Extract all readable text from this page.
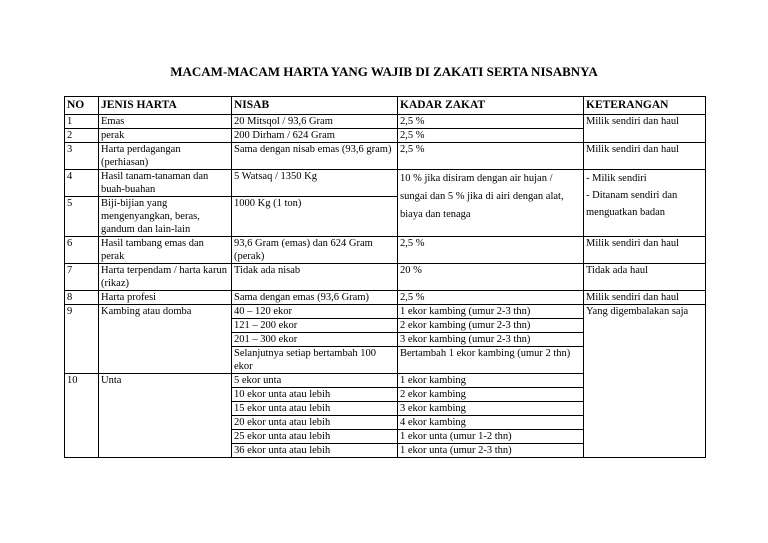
MACAM-MACAM HARTA YANG WAJIB DI ZAKATI SERTA NISABNYA
NO	JENIS HARTA	NISAB	KADAR ZAKAT	KETERANGAN
1	Emas	20 Mitsqol / 93,6 Gram	2,5 %	Milik sendiri dan haul
2	perak	200 Dirham / 624 Gram	2,5 %	
3	Harta perdagangan (perhiasan)	Sama dengan nisab emas (93,6 gram)	2,5 %	Milik sendiri dan haul
4	Hasil tanam-tanaman dan buah-buahan	5 Watsaq / 1350 Kg	10 % jika disiram dengan air hujan / sungai dan 5 % jika di airi dengan alat, biaya dan tenaga	- Milik sendiri
- Ditanam sendiri dan menguatkan badan

5	Biji-bijian yang mengenyangkan, beras, gandum dan lain-lain	1000 Kg (1 ton)		
6	Hasil tambang emas dan perak	93,6 Gram (emas) dan 624 Gram (perak)	2,5 %	Milik sendiri dan haul
7	Harta terpendam / harta karun (rikaz)	Tidak ada nisab	20 %	Tidak ada haul
8	Harta profesi	Sama dengan emas (93,6 Gram)	2,5 %	Milik sendiri dan haul
9	Kambing atau domba	40 – 120 ekor	1 ekor kambing (umur 2-3 thn)	Yang digembalakan saja
		121 – 200 ekor	2 ekor kambing (umur 2-3 thn)	
		201 – 300 ekor	3 ekor kambing (umur 2-3 thn)	
		Selanjutnya setiap bertambah 100 ekor	Bertambah 1 ekor kambing (umur 2 thn)	
10	Unta	5 ekor unta	1 ekor kambing	
		10 ekor unta atau lebih	2 ekor kambing	
		15 ekor unta atau lebih	3 ekor kambing	
		20 ekor unta atau lebih	4 ekor kambing	
		25 ekor unta atau lebih	1 ekor unta (umur 1-2 thn)	
		36 ekor unta atau lebih	1 ekor unta (umur 2-3 thn)	
